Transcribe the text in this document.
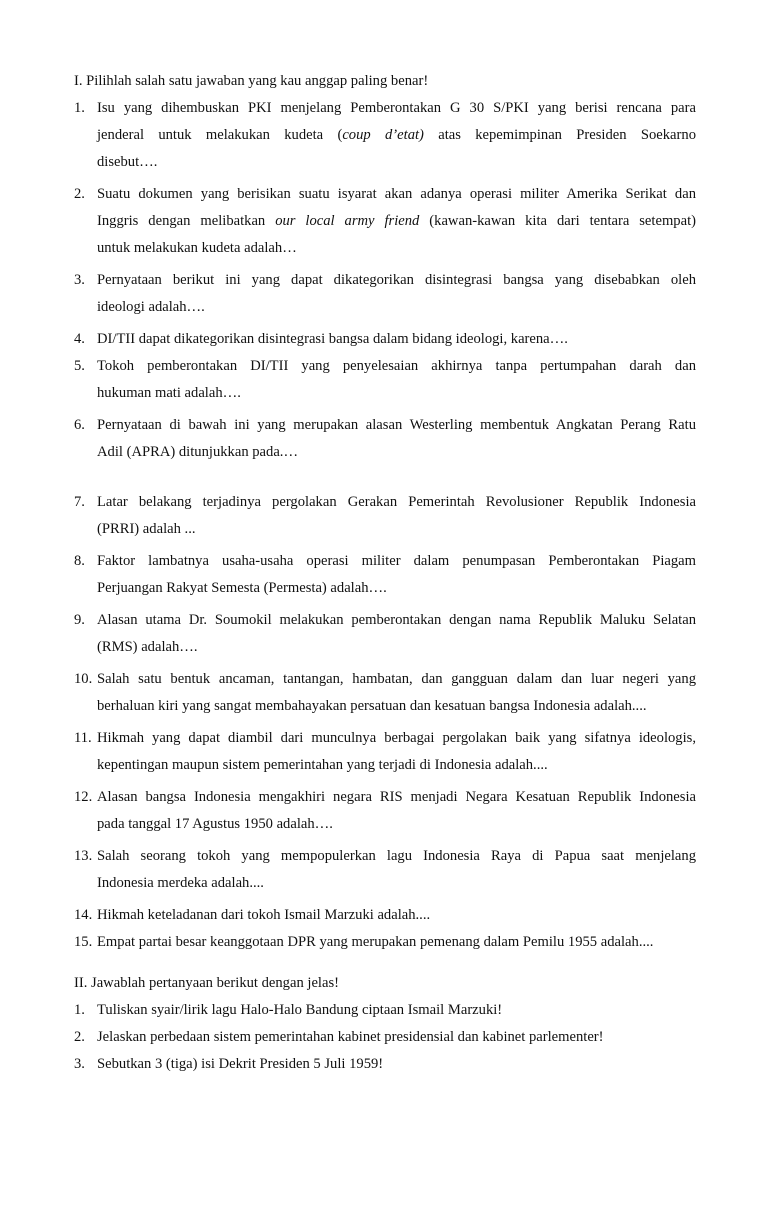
I. Pilihlah salah satu jawaban yang kau anggap paling benar!
1. Isu yang dihembuskan PKI menjelang Pemberontakan G 30 S/PKI yang berisi rencana para
jenderal untuk melakukan kudeta (coup d’etat) atas kepemimpinan Presiden Soekarno
disebut….
2. Suatu dokumen yang berisikan suatu isyarat akan adanya operasi militer Amerika Serikat dan
Inggris dengan melibatkan our local army friend (kawan-kawan kita dari tentara setempat)
untuk melakukan kudeta adalah…
3. Pernyataan berikut ini yang dapat dikategorikan disintegrasi bangsa yang disebabkan oleh
ideologi adalah….
4. DI/TII dapat dikategorikan disintegrasi bangsa dalam bidang ideologi, karena….
5. Tokoh pemberontakan DI/TII yang penyelesaian akhirnya tanpa pertumpahan darah dan
hukuman mati adalah….
6. Pernyataan di bawah ini yang merupakan alasan Westerling membentuk Angkatan Perang Ratu
Adil (APRA) ditunjukkan pada.…
7. Latar belakang terjadinya pergolakan Gerakan Pemerintah Revolusioner Republik Indonesia
(PRRI) adalah ...
8. Faktor lambatnya usaha-usaha operasi militer dalam penumpasan Pemberontakan Piagam
Perjuangan Rakyat Semesta (Permesta) adalah….
9. Alasan utama Dr. Soumokil melakukan pemberontakan dengan nama Republik Maluku Selatan
(RMS) adalah….
10. Salah satu bentuk ancaman, tantangan, hambatan, dan gangguan dalam dan luar negeri yang
berhaluan kiri yang sangat membahayakan persatuan dan kesatuan bangsa Indonesia adalah....
11. Hikmah yang dapat diambil dari munculnya berbagai pergolakan baik yang sifatnya ideologis,
kepentingan maupun sistem pemerintahan yang terjadi di Indonesia adalah....
12. Alasan bangsa Indonesia mengakhiri negara RIS menjadi Negara Kesatuan Republik Indonesia
pada tanggal 17 Agustus 1950 adalah….
13. Salah seorang tokoh yang mempopulerkan lagu Indonesia Raya di Papua saat menjelang
Indonesia merdeka adalah....
14. Hikmah keteladanan dari tokoh Ismail Marzuki adalah....
15. Empat partai besar keanggotaan DPR yang merupakan pemenang dalam Pemilu 1955 adalah....
II. Jawablah pertanyaan berikut dengan jelas!
1. Tuliskan syair/lirik lagu Halo-Halo Bandung ciptaan Ismail Marzuki!
2. Jelaskan perbedaan sistem pemerintahan kabinet presidensial dan kabinet parlementer!
3. Sebutkan 3 (tiga) isi Dekrit Presiden 5 Juli 1959!
